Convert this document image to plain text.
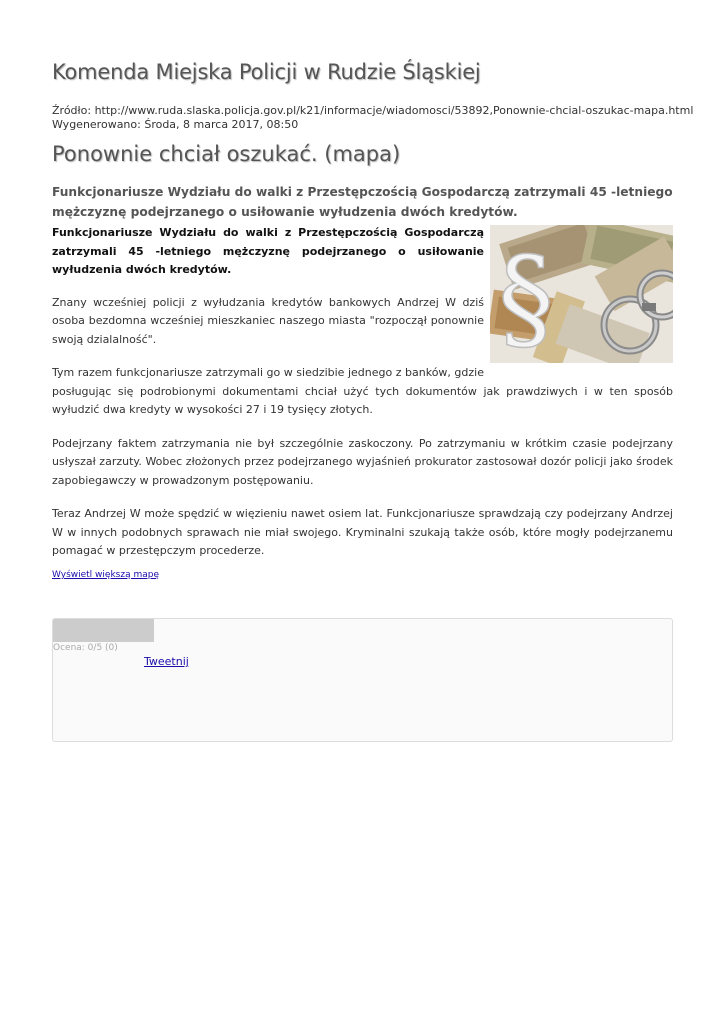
Komenda Miejska Policji w Rudzie Śląskiej
Źródło: http://www.ruda.slaska.policja.gov.pl/k21/informacje/wiadomosci/53892,Ponownie-chcial-oszukac-mapa.html
Wygenerowano: Środa, 8 marca 2017, 08:50
Ponownie chciał oszukać. (mapa)
Funkcjonariusze Wydziału do walki z Przestępczością Gospodarczą zatrzymali 45 -letniego mężczyznę podejrzanego o usiłowanie wyłudzenia dwóch kredytów.
§

Funkcjonariusze Wydziału do walki z Przestępczością Gospodarczą zatrzymali 45 -letniego mężczyznę podejrzanego o usiłowanie wyłudzenia dwóch kredytów.

Znany wcześniej policji z wyłudzania kredytów bankowych Andrzej W dziś osoba bezdomna wcześniej mieszkaniec naszego miasta "rozpoczął ponownie swoją dzialalność".

Tym razem funkcjonariusze zatrzymali go w siedzibie jednego z banków, gdzie posługując się podrobionymi dokumentami chciał użyć tych dokumentów jak prawdziwych i w ten sposób wyłudzić dwa kredyty w wysokości 27 i 19 tysięcy złotych.

Podejrzany faktem zatrzymania nie był szczególnie zaskoczony. Po zatrzymaniu w krótkim czasie podejrzany usłyszał zarzuty. Wobec złożonych przez podejrzanego wyjaśnień prokurator zastosował dozór policji jako środek zapobiegawczy w prowadzonym postępowaniu.

Teraz Andrzej W może spędzić w więzieniu nawet osiem lat. Funkcjonariusze sprawdzają czy podejrzany Andrzej W w innych podobnych sprawach nie miał swojego. Kryminalni szukają także osób, które mogły podejrzanemu pomagać w przestępczym procederze.

Wyświetl większą mapę
Ocena: 0/5 (0)
Tweetnij
